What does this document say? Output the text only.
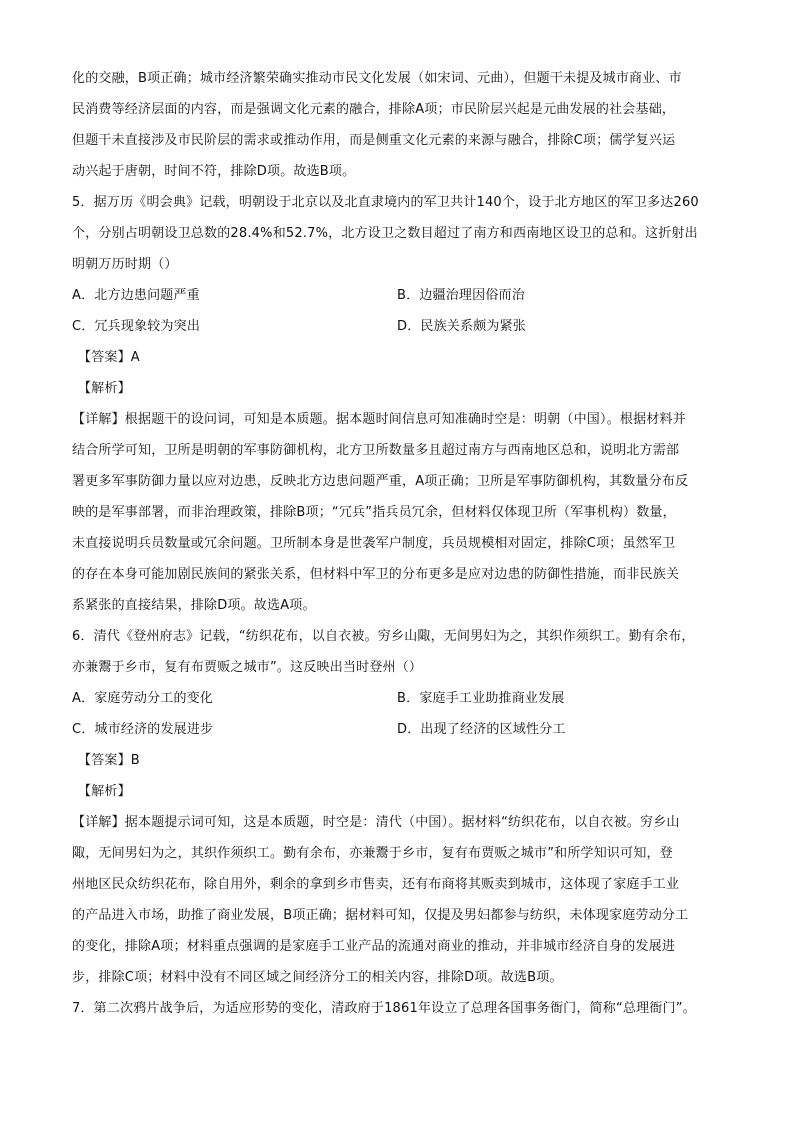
化的交融，B项正确；城市经济繁荣确实推动市民文化发展（如宋词、元曲），但题干未提及城市商业、市
民消费等经济层面的内容，而是强调文化元素的融合，排除A项；市民阶层兴起是元曲发展的社会基础，
但题干未直接涉及市民阶层的需求或推动作用，而是侧重文化元素的来源与融合，排除C项；儒学复兴运
动兴起于唐朝，时间不符，排除D项。故选B项。
5．据万历《明会典》记载，明朝设于北京以及北直隶境内的军卫共计140个，设于北方地区的军卫多达260
个，分别占明朝设卫总数的28.4%和52.7%，北方设卫之数目超过了南方和西南地区设卫的总和。这折射出
明朝万历时期（）
A．北方边患问题严重	B．边疆治理因俗而治
C．冗兵现象较为突出	D．民族关系颇为紧张
【答案】A
【解析】
【详解】根据题干的设问词，可知是本质题。据本题时间信息可知准确时空是：明朝（中国）。根据材料并
结合所学可知，卫所是明朝的军事防御机构，北方卫所数量多且超过南方与西南地区总和，说明北方需部
署更多军事防御力量以应对边患，反映北方边患问题严重，A项正确；卫所是军事防御机构，其数量分布反
映的是军事部署，而非治理政策，排除B项；“冗兵”指兵员冗余，但材料仅体现卫所（军事机构）数量，
未直接说明兵员数量或冗余问题。卫所制本身是世袭军户制度，兵员规模相对固定，排除C项；虽然军卫
的存在本身可能加剧民族间的紧张关系，但材料中军卫的分布更多是应对边患的防御性措施，而非民族关
系紧张的直接结果，排除D项。故选A项。
6．清代《登州府志》记载，“纺织花布，以自衣被。穷乡山陬，无间男妇为之，其织作须织工。勤有余布，
亦兼鬻于乡市，复有布贾贩之城市”。这反映出当时登州（）
A．家庭劳动分工的变化	B．家庭手工业助推商业发展
C．城市经济的发展进步	D．出现了经济的区域性分工
【答案】B
【解析】
【详解】据本题提示词可知，这是本质题，时空是：清代（中国）。据材料“纺织花布，以自衣被。穷乡山
陬，无间男妇为之，其织作须织工。勤有余布，亦兼鬻于乡市，复有布贾贩之城市”和所学知识可知，登
州地区民众纺织花布，除自用外，剩余的拿到乡市售卖，还有布商将其贩卖到城市，这体现了家庭手工业
的产品进入市场，助推了商业发展，B项正确；据材料可知，仅提及男妇都参与纺织，未体现家庭劳动分工
的变化，排除A项；材料重点强调的是家庭手工业产品的流通对商业的推动，并非城市经济自身的发展进
步，排除C项；材料中没有不同区域之间经济分工的相关内容，排除D项。故选B项。
7．第二次鸦片战争后，为适应形势的变化，清政府于1861年设立了总理各国事务衙门，简称“总理衙门”。
